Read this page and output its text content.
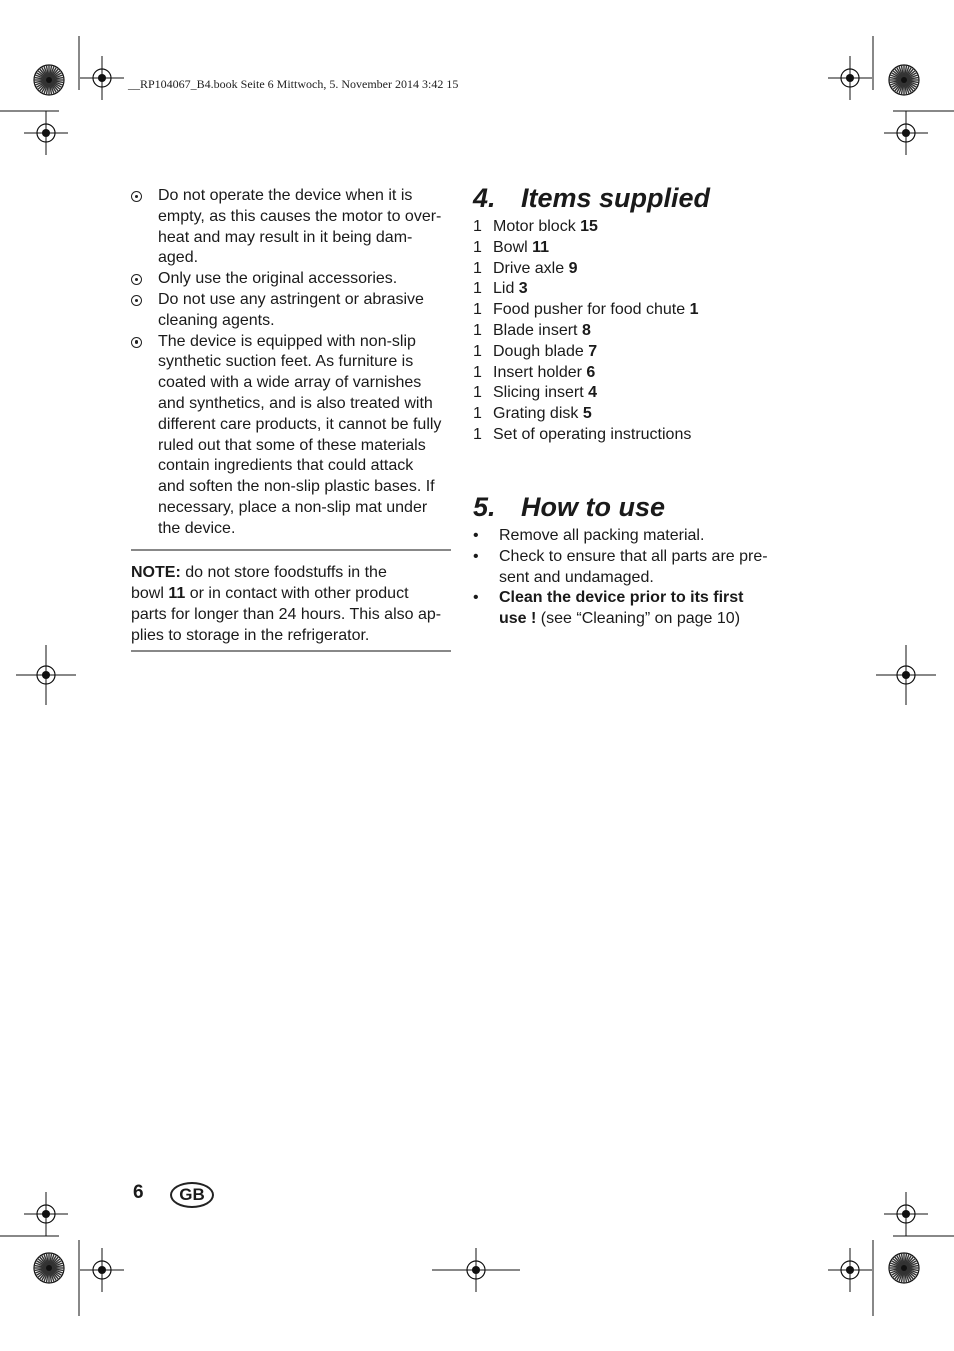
__RP104067_B4.book Seite 6 Mittwoch, 5. November 2014 3:42 15
Do not operate the device when it is
empty, as this causes the motor to over-
heat and may result in it being dam-
aged.
Only use the original accessories.
Do not use any astringent or abrasive
cleaning agents.
The device is equipped with non-slip
synthetic suction feet. As furniture is
coated with a wide array of varnishes
and synthetics, and is also treated with
different care products, it cannot be fully
ruled out that some of these materials
contain ingredients that could attack
and soften the non-slip plastic bases. If
necessary, place a non-slip mat under
the device.
NOTE: do not store foodstuffs in the
bowl 11 or in contact with other product
parts for longer than 24 hours. This also ap-
plies to storage in the refrigerator.
4. Items supplied
1 Motor block 15
1 Bowl 11
1 Drive axle 9
1 Lid 3
1 Food pusher for food chute 1
1 Blade insert 8
1 Dough blade 7
1 Insert holder 6
1 Slicing insert 4
1 Grating disk 5
1 Set of operating instructions
5. How to use
• Remove all packing material.
• Check to ensure that all parts are pre-
sent and undamaged.
• Clean the device prior to its first
use ! (see “Cleaning” on page 10)
6	GB
